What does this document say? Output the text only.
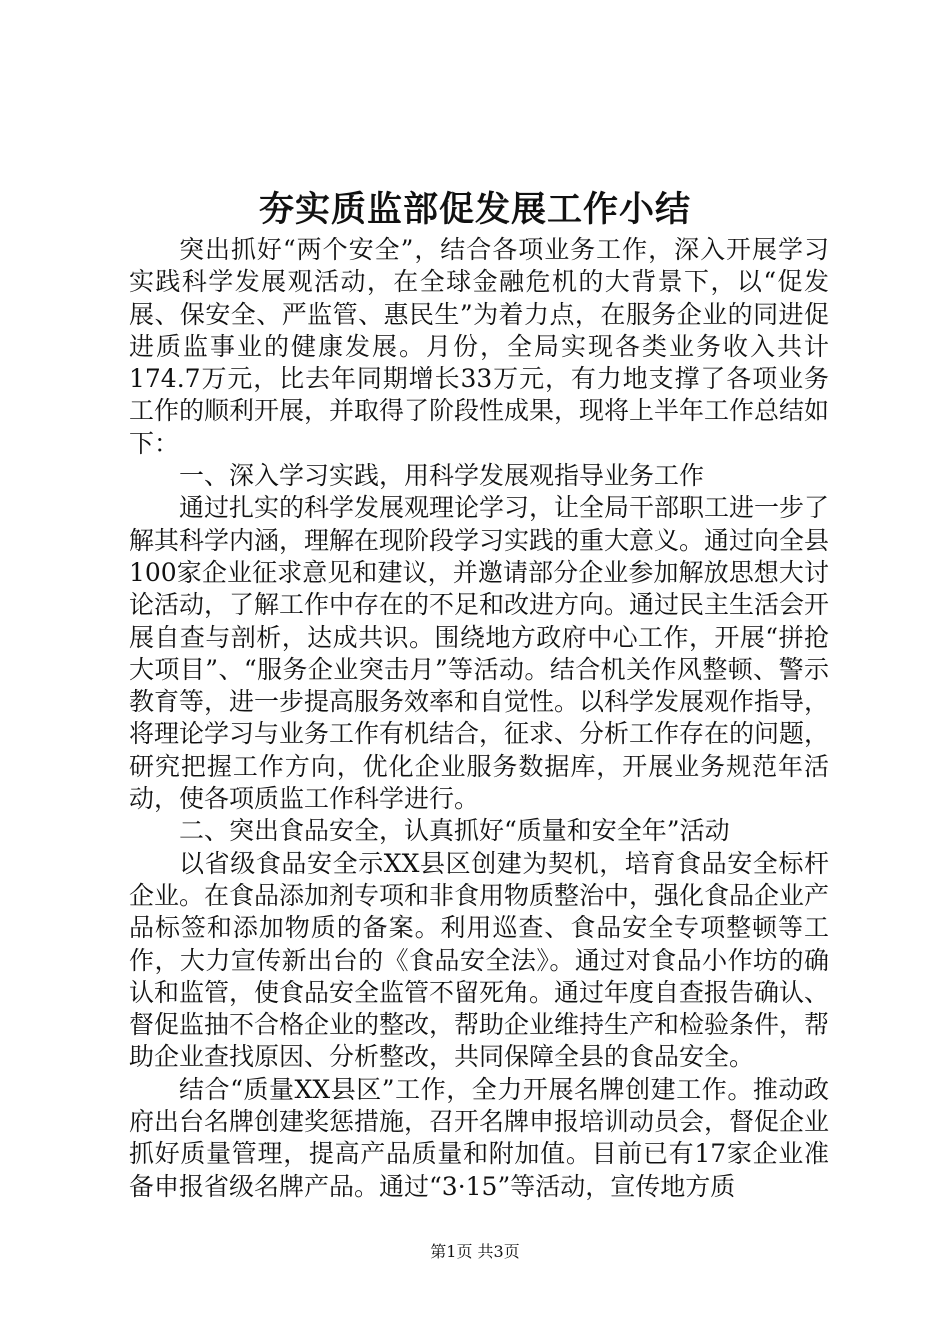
夯实质监部促发展工作小结

突出抓好“两个安全”，结合各项业务工作，深入开展学习实践科学发展观活动，在全球金融危机的大背景下，以“促发展、保安全、严监管、惠民生”为着力点，在服务企业的同进促进质监事业的健康发展。月份，全局实现各类业务收入共计174.7万元，比去年同期增长33万元，有力地支撑了各项业务工作的顺利开展，并取得了阶段性成果，现将上半年工作总结如下：

一、深入学习实践，用科学发展观指导业务工作

通过扎实的科学发展观理论学习，让全局干部职工进一步了解其科学内涵，理解在现阶段学习实践的重大意义。通过向全县100家企业征求意见和建议，并邀请部分企业参加解放思想大讨论活动，了解工作中存在的不足和改进方向。通过民主生活会开展自查与剖析，达成共识。围绕地方政府中心工作，开展“拼抢大项目”、“服务企业突击月”等活动。结合机关作风整顿、警示教育等，进一步提高服务效率和自觉性。以科学发展观作指导，将理论学习与业务工作有机结合，征求、分析工作存在的问题，研究把握工作方向，优化企业服务数据库，开展业务规范年活动，使各项质监工作科学进行。

二、突出食品安全，认真抓好“质量和安全年”活动

以省级食品安全示XX县区创建为契机，培育食品安全标杆企业。在食品添加剂专项和非食用物质整治中，强化食品企业产品标签和添加物质的备案。利用巡查、食品安全专项整顿等工作，大力宣传新出台的《食品安全法》。通过对食品小作坊的确认和监管，使食品安全监管不留死角。通过年度自查报告确认、督促监抽不合格企业的整改，帮助企业维持生产和检验条件，帮助企业查找原因、分析整改，共同保障全县的食品安全。

结合“质量XX县区”工作，全力开展名牌创建工作。推动政府出台名牌创建奖惩措施，召开名牌申报培训动员会，督促企业抓好质量管理，提高产品质量和附加值。目前已有17家企业准备申报省级名牌产品。通过“3·15”等活动，宣传地方质

第1页 共3页
